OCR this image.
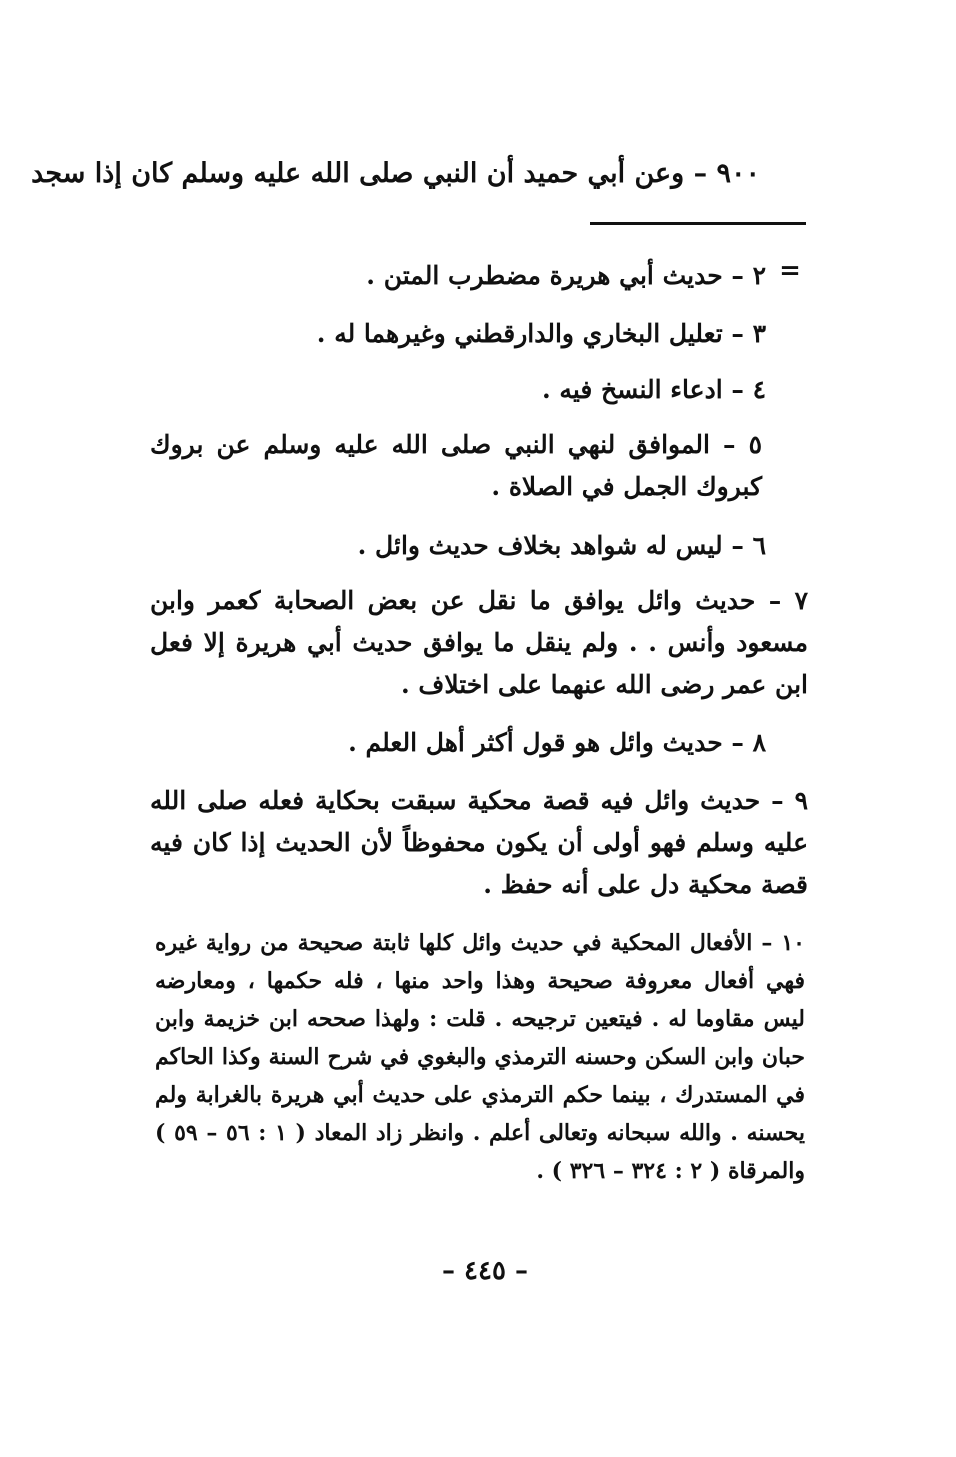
٩٠٠ – وعن أبي حميد أن النبي صلى الله عليه وسلم كان إذا سجد
=

٢ – حديث أبي هريرة مضطرب المتن .

٣ – تعليل البخاري والدارقطني وغيرهما له .

٤ – ادعاء النسخ فيه .

٥ – الموافق لنهي النبي صلى الله عليه وسلم عن بروك كبروك الجمل في الصلاة .

٦ – ليس له شواهد بخلاف حديث وائل .

٧ – حديث وائل يوافق ما نقل عن بعض الصحابة كعمر وابن مسعود وأنس . . ولم ينقل ما يوافق حديث أبي هريرة إلا فعل ابن عمر رضى الله عنهما على اختلاف .

٨ – حديث وائل هو قول أكثر أهل العلم .

٩ – حديث وائل فيه قصة محكية سبقت بحكاية فعله صلى الله عليه وسلم فهو أولى أن يكون محفوظاً لأن الحديث إذا كان فيه قصة محكية دل على أنه حفظ .

١٠ – الأفعال المحكية في حديث وائل كلها ثابتة صحيحة من رواية غيره فهي أفعال معروفة صحيحة وهذا واحد منها ، فله حكمها ، ومعارضه ليس مقاوما له . فيتعين ترجيحه . قلت : ولهذا صححه ابن خزيمة وابن حبان وابن السكن وحسنه الترمذي والبغوي في شرح السنة وكذا الحاكم في المستدرك ، بينما حكم الترمذي على حديث أبي هريرة بالغرابة ولم يحسنه . والله سبحانه وتعالى أعلم . وانظر زاد المعاد ( ١ : ٥٦ – ٥٩ ) والمرقاة ( ٢ : ٣٢٤ – ٣٢٦ ) .

– ٤٤٥ –
